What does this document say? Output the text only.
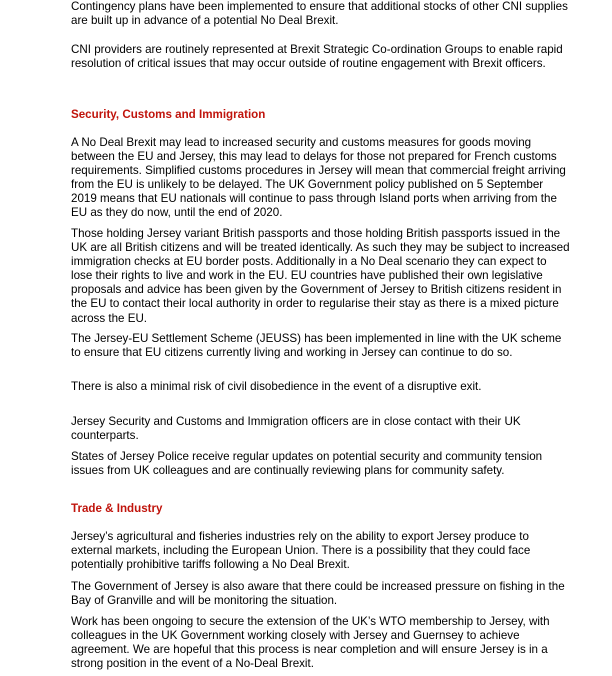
Contingency plans have been implemented to ensure that additional stocks of other CNI supplies are built up in advance of a potential No Deal Brexit.

CNI providers are routinely represented at Brexit Strategic Co-ordination Groups to enable rapid resolution of critical issues that may occur outside of routine engagement with Brexit officers.

Security, Customs and Immigration

A No Deal Brexit may lead to increased security and customs measures for goods moving between the EU and Jersey, this may lead to delays for those not prepared for French customs requirements. Simplified customs procedures in Jersey will mean that commercial freight arriving from the EU is unlikely to be delayed. The UK Government policy published on 5 September 2019 means that EU nationals will continue to pass through Island ports when arriving from the EU as they do now, until the end of 2020.

Those holding Jersey variant British passports and those holding British passports issued in the UK are all British citizens and will be treated identically. As such they may be subject to increased immigration checks at EU border posts. Additionally in a No Deal scenario they can expect to lose their rights to live and work in the EU. EU countries have published their own legislative proposals and advice has been given by the Government of Jersey to British citizens resident in the EU to contact their local authority in order to regularise their stay as there is a mixed picture across the EU.

The Jersey-EU Settlement Scheme (JEUSS) has been implemented in line with the UK scheme to ensure that EU citizens currently living and working in Jersey can continue to do so.

There is also a minimal risk of civil disobedience in the event of a disruptive exit.

Jersey Security and Customs and Immigration officers are in close contact with their UK counterparts.

States of Jersey Police receive regular updates on potential security and community tension issues from UK colleagues and are continually reviewing plans for community safety.

Trade & Industry

Jersey’s agricultural and fisheries industries rely on the ability to export Jersey produce to external markets, including the European Union. There is a possibility that they could face potentially prohibitive tariffs following a No Deal Brexit.

The Government of Jersey is also aware that there could be increased pressure on fishing in the Bay of Granville and will be monitoring the situation.

Work has been ongoing to secure the extension of the UK’s WTO membership to Jersey, with colleagues in the UK Government working closely with Jersey and Guernsey to achieve agreement. We are hopeful that this process is near completion and will ensure Jersey is in a strong position in the event of a No-Deal Brexit.
